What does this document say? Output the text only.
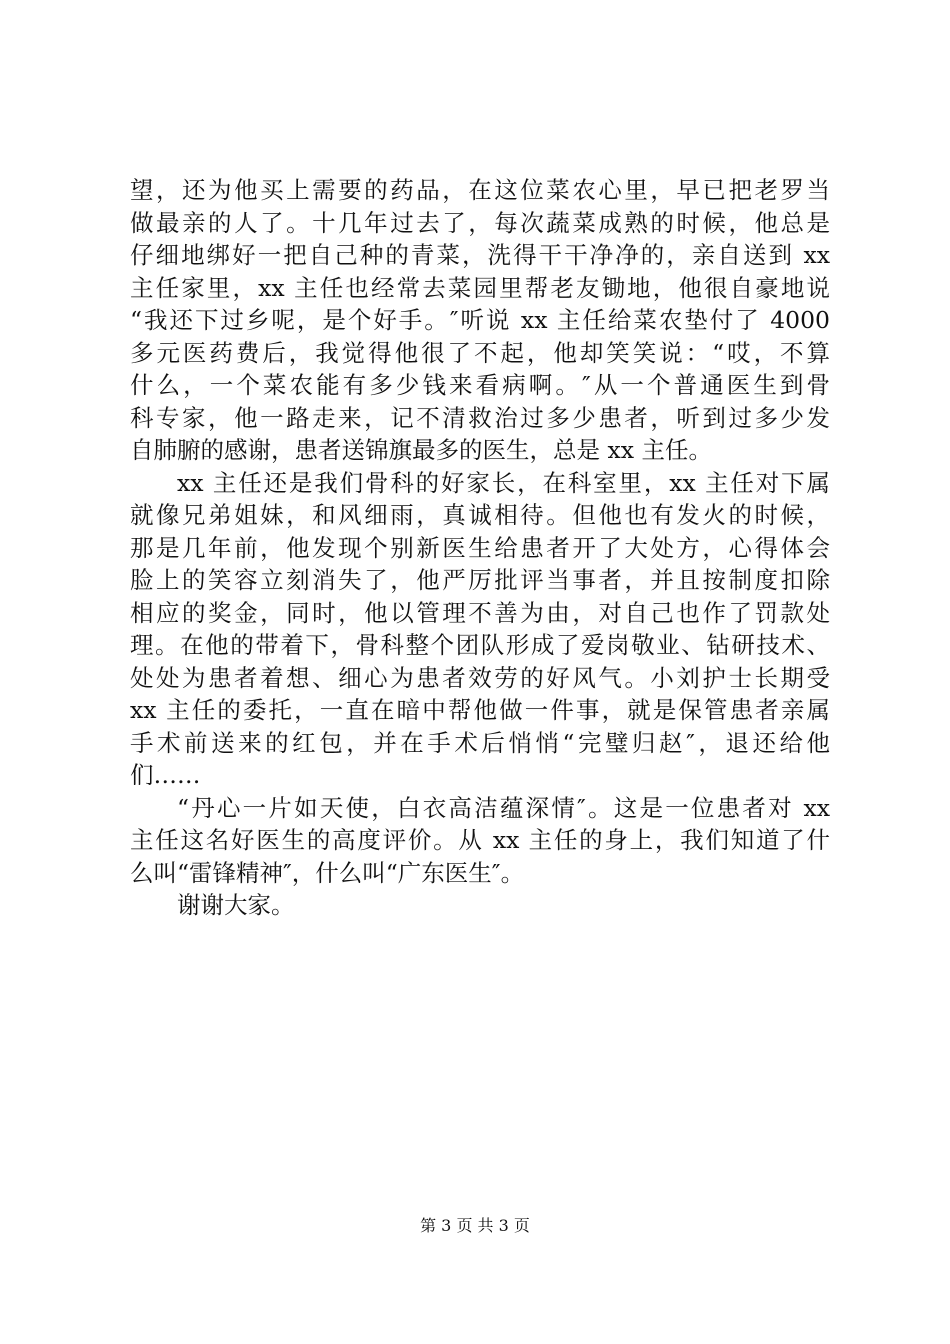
望，还为他买上需要的药品，在这位菜农心里，早已把老罗当
做最亲的人了。十几年过去了，每次蔬菜成熟的时候，他总是
仔细地绑好一把自己种的青菜，洗得干干净净的，亲自送到 xx
主任家里，xx 主任也经常去菜园里帮老友锄地，他很自豪地说
“我还下过乡呢，是个好手。″听说 xx 主任给菜农垫付了 4000
多元医药费后，我觉得他很了不起，他却笑笑说：“哎，不算
什么，一个菜农能有多少钱来看病啊。″从一个普通医生到骨
科专家，他一路走来，记不清救治过多少患者，听到过多少发
自肺腑的感谢，患者送锦旗最多的医生，总是 xx 主任。
xx 主任还是我们骨科的好家长，在科室里，xx 主任对下属
就像兄弟姐妹，和风细雨，真诚相待。但他也有发火的时候，
那是几年前，他发现个别新医生给患者开了大处方，心得体会
脸上的笑容立刻消失了，他严厉批评当事者，并且按制度扣除
相应的奖金，同时，他以管理不善为由，对自己也作了罚款处
理。在他的带着下，骨科整个团队形成了爱岗敬业、钻研技术、
处处为患者着想、细心为患者效劳的好风气。小刘护士长期受
xx 主任的委托，一直在暗中帮他做一件事，就是保管患者亲属
手术前送来的红包，并在手术后悄悄“完璧归赵″，退还给他
们……
“丹心一片如天使，白衣高洁蕴深情″。这是一位患者对 xx
主任这名好医生的高度评价。从 xx 主任的身上，我们知道了什
么叫“雷锋精神″，什么叫“广东医生″。
谢谢大家。
第 3 页 共 3 页
